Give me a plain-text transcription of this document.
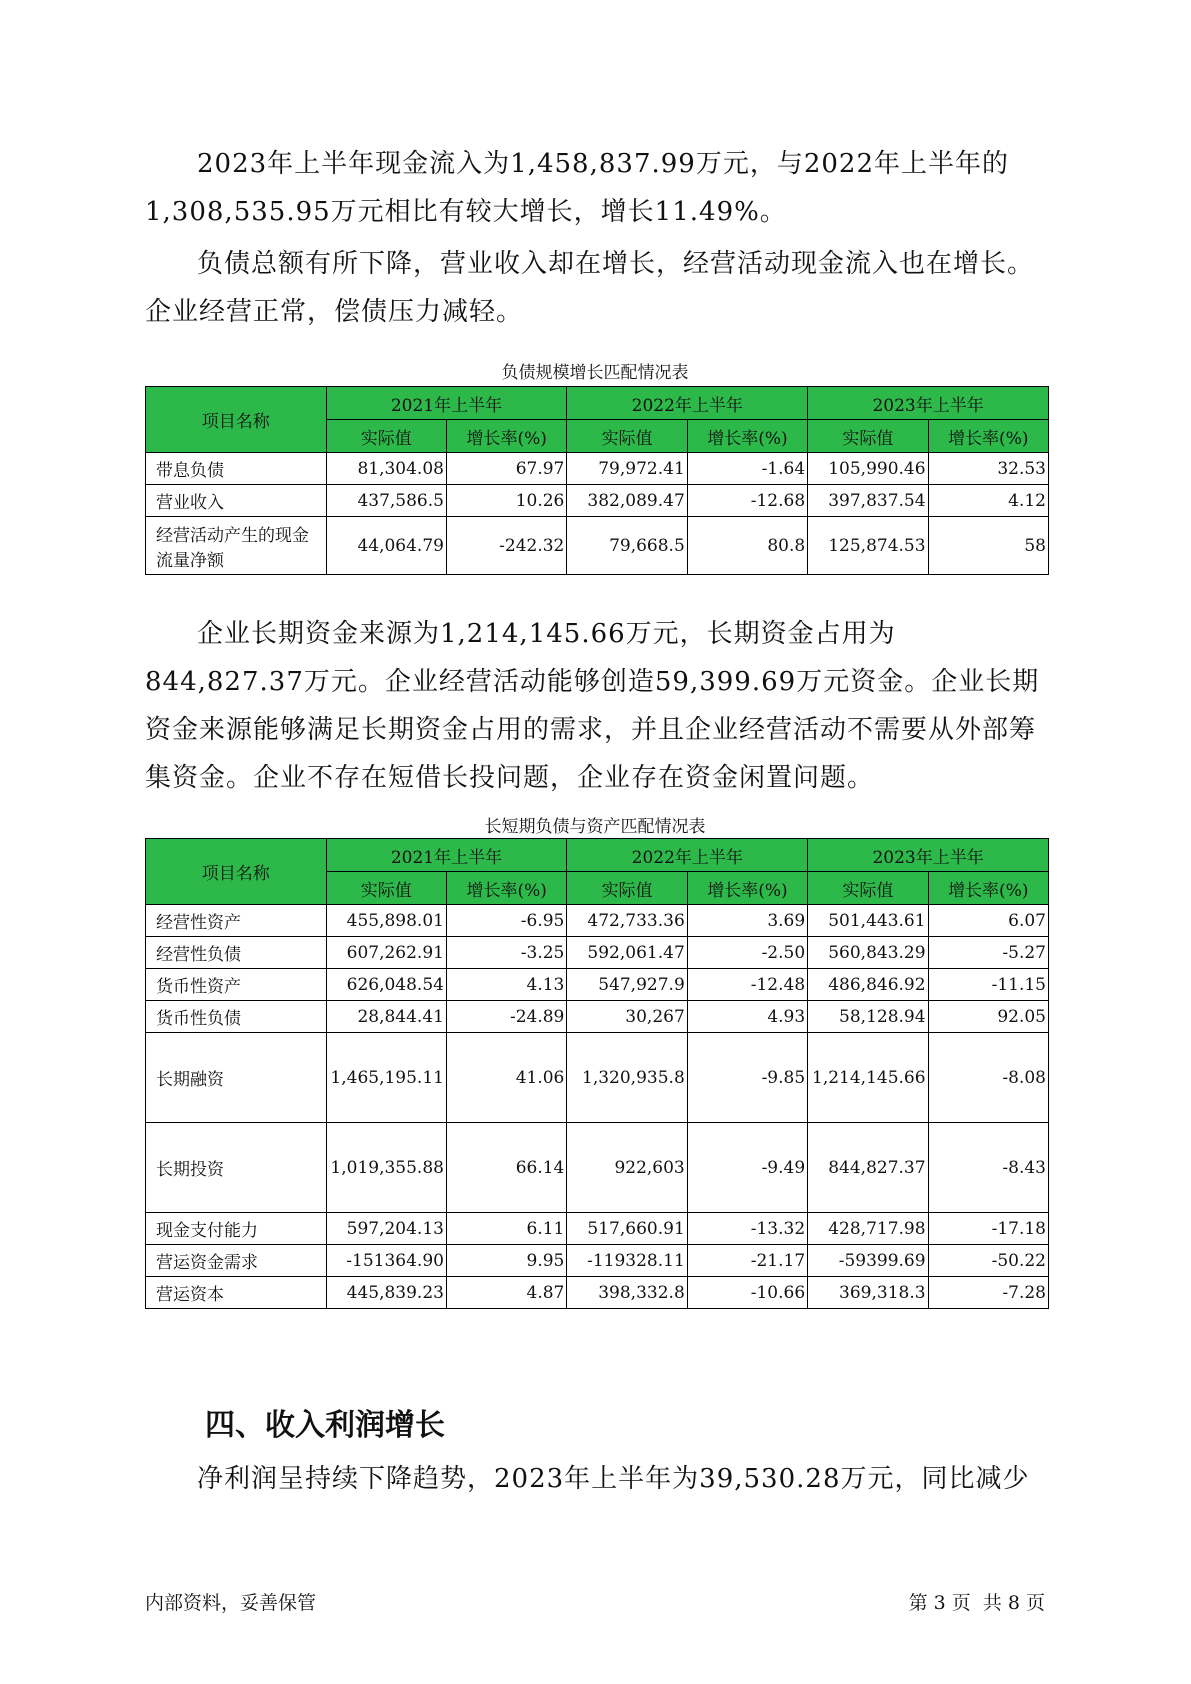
2023年上半年现金流入为1,458,837.99万元，与2022年上半年的1,308,535.95万元相比有较大增长，增长11.49%。

负债总额有所下降，营业收入却在增长，经营活动现金流入也在增长。企业经营正常，偿债压力减轻。

负债规模增长匹配情况表
项目名称	2021年上半年		2022年上半年		2023年上半年	
	实际值	增长率(%)	实际值	增长率(%)	实际值	增长率(%)
带息负债	81,304.08	67.97	79,972.41	-1.64	105,990.46	32.53
营业收入	437,586.5	10.26	382,089.47	-12.68	397,837.54	4.12
经营活动产生的现金流量净额	44,064.79	-242.32	79,668.5	80.8	125,874.53	58

企业长期资金来源为1,214,145.66万元，长期资金占用为844,827.37万元。企业经营活动能够创造59,399.69万元资金。企业长期资金来源能够满足长期资金占用的需求，并且企业经营活动不需要从外部筹集资金。企业不存在短借长投问题，企业存在资金闲置问题。

长短期负债与资产匹配情况表
项目名称	2021年上半年		2022年上半年		2023年上半年	
	实际值	增长率(%)	实际值	增长率(%)	实际值	增长率(%)
经营性资产	455,898.01	-6.95	472,733.36	3.69	501,443.61	6.07
经营性负债	607,262.91	-3.25	592,061.47	-2.50	560,843.29	-5.27
货币性资产	626,048.54	4.13	547,927.9	-12.48	486,846.92	-11.15
货币性负债	28,844.41	-24.89	30,267	4.93	58,128.94	92.05
长期融资	1,465,195.11	41.06	1,320,935.8	-9.85	1,214,145.66	-8.08
长期投资	1,019,355.88	66.14	922,603	-9.49	844,827.37	-8.43
现金支付能力	597,204.13	6.11	517,660.91	-13.32	428,717.98	-17.18
营运资金需求	-151364.90	9.95	-119328.11	-21.17	-59399.69	-50.22
营运资本	445,839.23	4.87	398,332.8	-10.66	369,318.3	-7.28
四、收入利润增长

净利润呈持续下降趋势，2023年上半年为39,530.28万元，同比减少

内部资料，妥善保管	第 3 页  共 8 页
